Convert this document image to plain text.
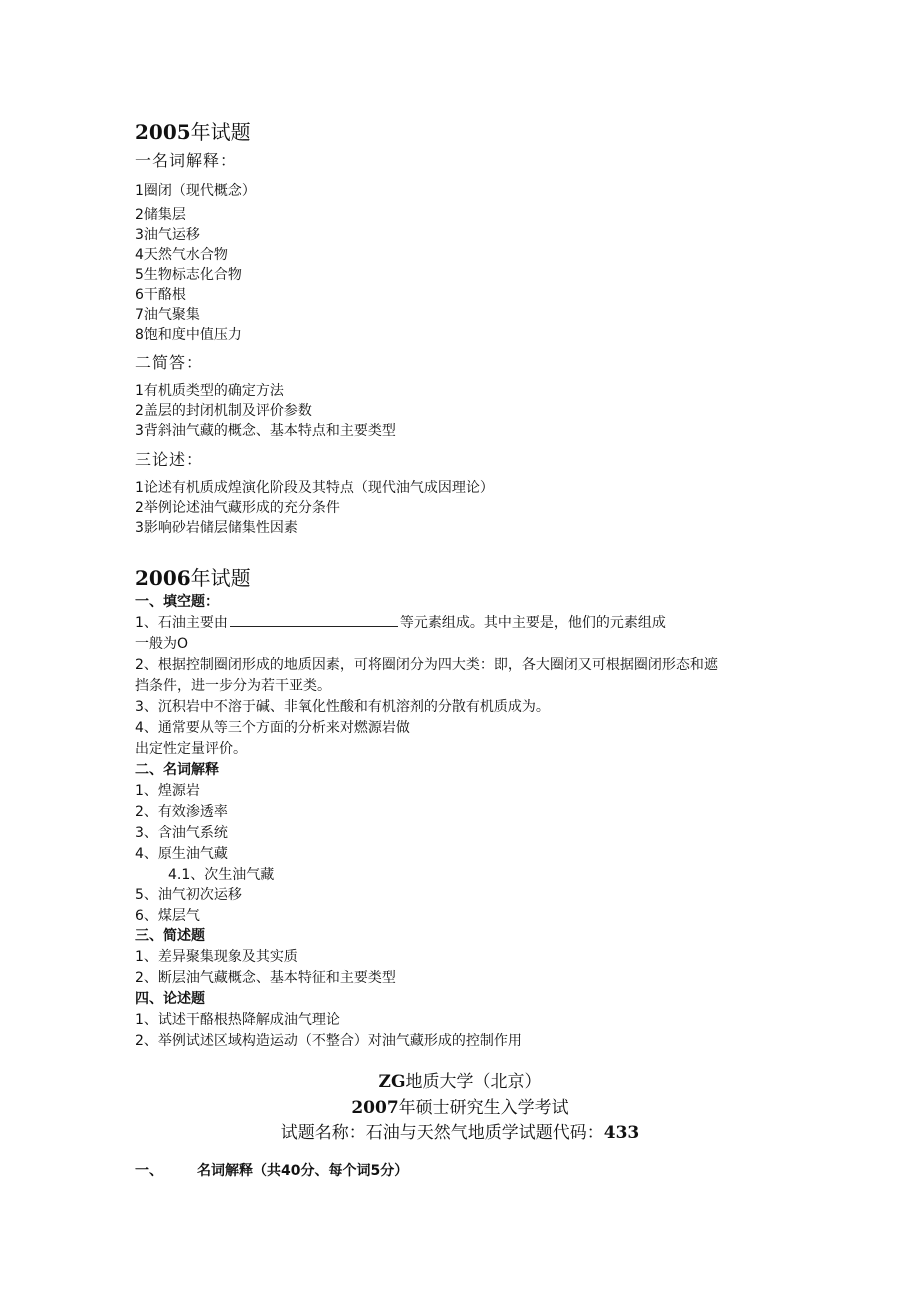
2005年试题
一名词解释：
1圈闭（现代概念）
2储集层
3油气运移
4天然气水合物
5生物标志化合物
6干酪根
7油气聚集
8饱和度中值压力
二简答：
1有机质类型的确定方法
2盖层的封闭机制及评价参数
3背斜油气藏的概念、基本特点和主要类型
三论述：
1论述有机质成煌演化阶段及其特点（现代油气成因理论）
2举例论述油气藏形成的充分条件
3影响砂岩储层储集性因素
2006年试题
一、填空题：
1、石油主要由	等元素组成。其中主要是，他们的元素组成
一般为O
2、根据控制圈闭形成的地质因素，可将圈闭分为四大类：即，各大圈闭又可根据圈闭形态和遮
挡条件，进一步分为若干亚类。
3、沉积岩中不溶于碱、非氧化性酸和有机溶剂的分散有机质成为。
4、通常要从等三个方面的分析来对燃源岩做
出定性定量评价。
二、名词解释
1、煌源岩
2、有效渗透率
3、含油气系统
4、原生油气藏
4.1、次生油气藏
5、油气初次运移
6、煤层气
三、简述题
1、差异聚集现象及其实质
2、断层油气藏概念、基本特征和主要类型
四、论述题
1、试述干酪根热降解成油气理论
2、举例试述区域构造运动（不整合）对油气藏形成的控制作用
ZG地质大学（北京）
2007年硕士研究生入学考试
试题名称：石油与天然气地质学试题代码：433
一、 名词解释（共40分、每个词5分）
